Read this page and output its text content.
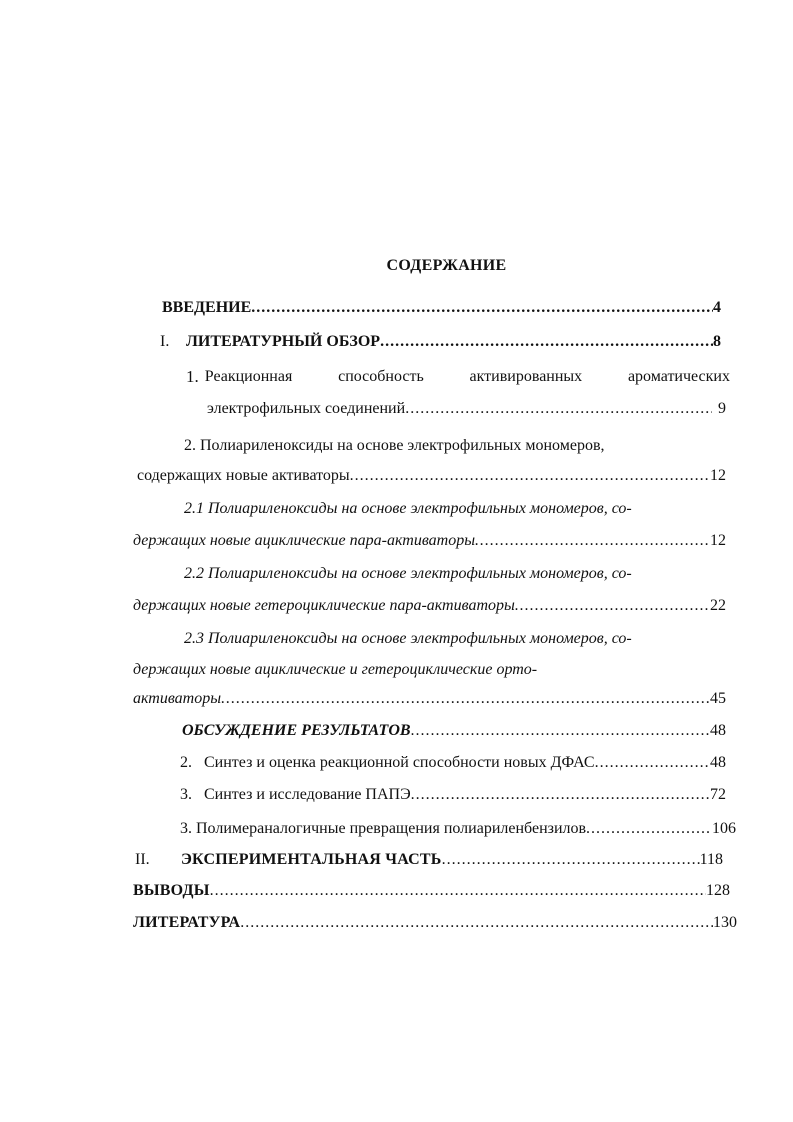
СОДЕРЖАНИЕ
ВВЕДЕНИЕ .....	4
I.	ЛИТЕРАТУРНЫЙ ОБЗОР .....	8
1. Реакционная	способность	активированных	ароматических
электрофильных соединений .....	9
2. Полиариленоксиды на основе электрофильных мономеров,
содержащих новые активаторы .....	12
2.1 Полиариленоксиды на основе электрофильных мономеров, со-
держащих новые ациклические пара-активаторы .....	12
2.2 Полиариленоксиды на основе электрофильных мономеров, со-
держащих новые гетероциклические пара-активаторы .....	22
2.3 Полиариленоксиды на основе электрофильных мономеров, со-
держащих новые ациклические и гетероциклические орто-
активаторы .....	45
ОБСУЖДЕНИЕ РЕЗУЛЬТАТОВ .....	48
2. Синтез и оценка реакционной способности новых ДФАС .....	48
3. Синтез и исследование ПАПЭ .....	72
3. Полимераналогичные превращения полиариленбензилов .....	106
II.	ЭКСПЕРИМЕНТАЛЬНАЯ ЧАСТЬ .....	118
ВЫВОДЫ .....	128
ЛИТЕРАТУРА .....	130
